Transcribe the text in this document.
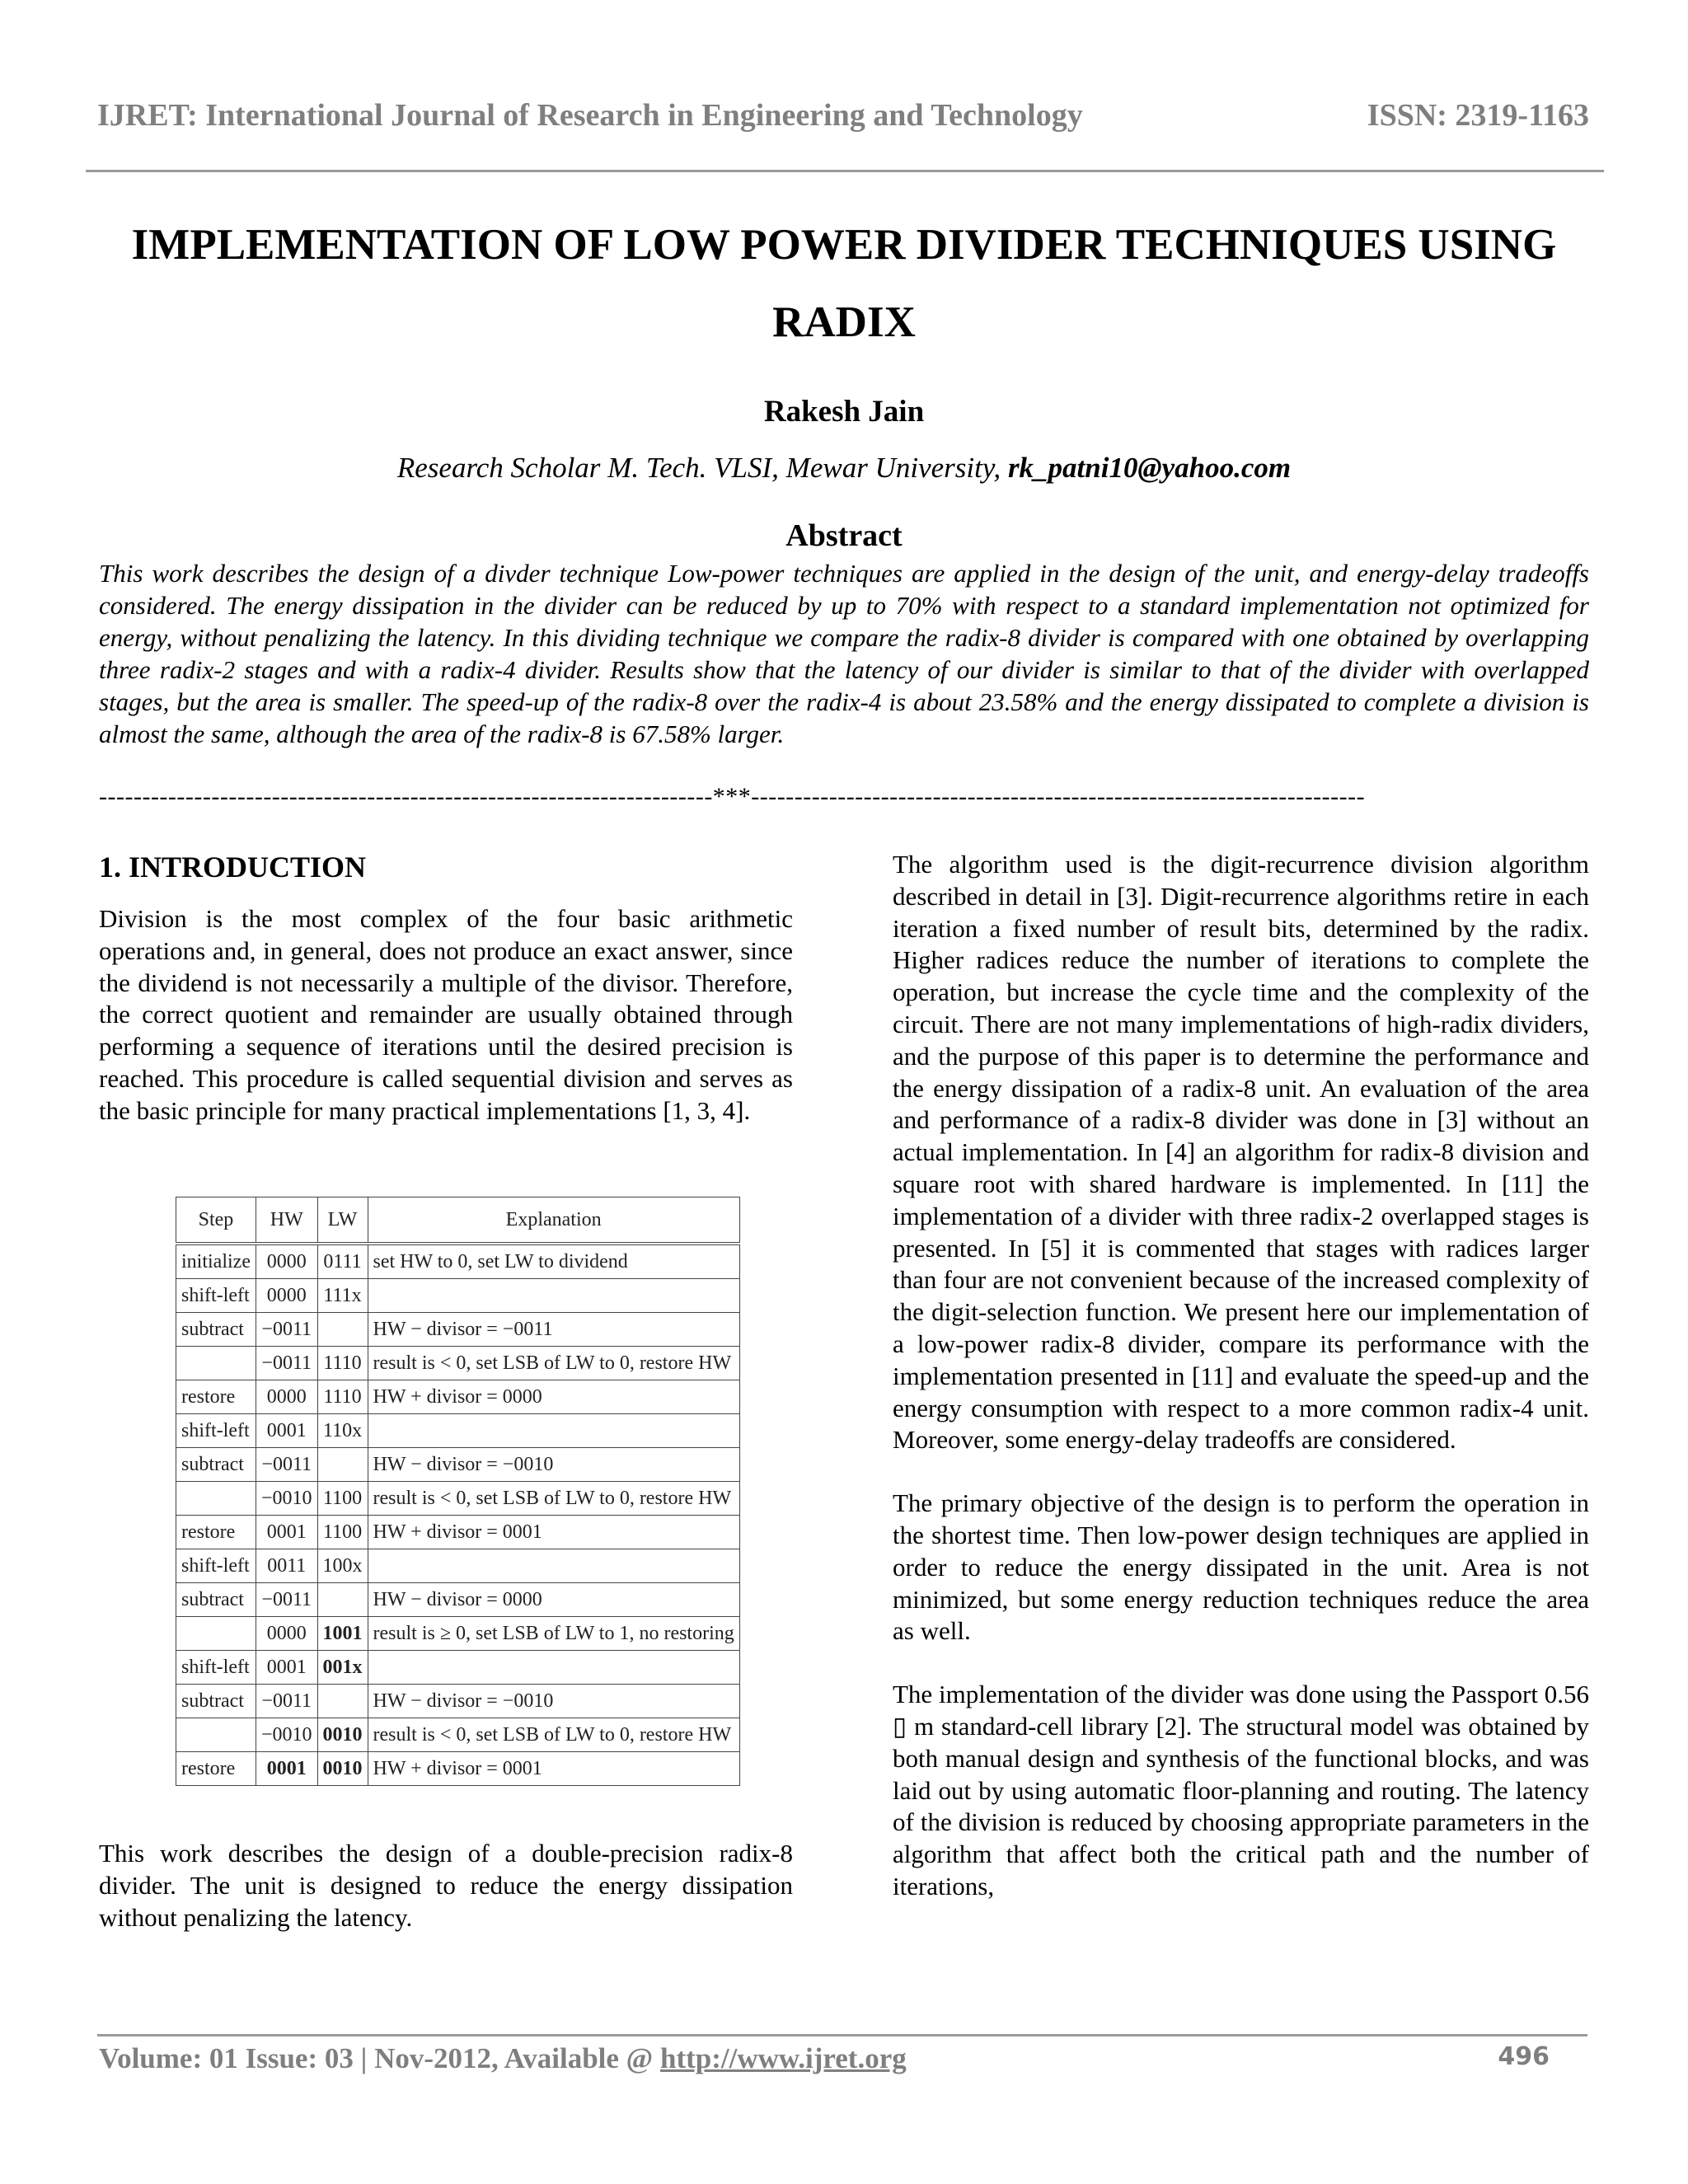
IJRET: International Journal of Research in Engineering and Technology	ISSN: 2319-1163
IMPLEMENTATION OF LOW POWER DIVIDER TECHNIQUES USING RADIX
Rakesh Jain
Research Scholar M. Tech. VLSI, Mewar University, rk_patni10@yahoo.com
Abstract
This work describes the design of a divder technique Low-power techniques are applied in the design of the unit, and energy-delay tradeoffs considered. The energy dissipation in the divider can be reduced by up to 70% with respect to a standard implementation not optimized for energy, without penalizing the latency. In this dividing technique we compare the radix-8 divider is compared with one obtained by overlapping three radix-2 stages and with a radix-4 divider. Results show that the latency of our divider is similar to that of the divider with overlapped stages, but the area is smaller. The speed-up of the radix-8 over the radix-4 is about 23.58% and the energy dissipated to complete a division is almost the same, although the area of the radix-8 is 67.58% larger.
-----------------------------------------------------------------------***-----------------------------------------------------------------------
1. INTRODUCTION

Division is the most complex of the four basic arithmetic operations and, in general, does not produce an exact answer, since the dividend is not necessarily a multiple of the divisor. Therefore, the correct quotient and remainder are usually obtained through performing a sequence of iterations until the desired precision is reached. This procedure is called sequential division and serves as the basic principle for many practical implementations [1, 3, 4].

This work describes the design of a double-precision radix-8 divider. The unit is designed to reduce the energy dissipation without penalizing the latency.

Step	HW	LW	Explanation
initialize	0000	0111	set HW to 0, set LW to dividend
shift-left	0000	111x	
subtract	−0011		HW − divisor = −0011
	−0011	1110	result is < 0, set LSB of LW to 0, restore HW
restore	0000	1110	HW + divisor = 0000
shift-left	0001	110x	
subtract	−0011		HW − divisor = −0010
	−0010	1100	result is < 0, set LSB of LW to 0, restore HW
restore	0001	1100	HW + divisor = 0001
shift-left	0011	100x	
subtract	−0011		HW − divisor = 0000
	0000	1001	result is ≥ 0, set LSB of LW to 1, no restoring
shift-left	0001	001x	
subtract	−0011		HW − divisor = −0010
	−0010	0010	result is < 0, set LSB of LW to 0, restore HW
restore	0001	0010	HW + divisor = 0001

The algorithm used is the digit-recurrence division algorithm described in detail in [3]. Digit-recurrence algorithms retire in each iteration a fixed number of result bits, determined by the radix. Higher radices reduce the number of iterations to complete the operation, but increase the cycle time and the complexity of the circuit. There are not many implementations of high-radix dividers, and the purpose of this paper is to determine the performance and the energy dissipation of a radix-8 unit. An evaluation of the area and performance of a radix-8 divider was done in [3] without an actual implementation. In [4] an algorithm for radix-8 division and square root with shared hardware is implemented. In [11] the implementation of a divider with three radix-2 overlapped stages is presented. In [5] it is commented that stages with radices larger than four are not convenient because of the increased complexity of the digit-selection function. We present here our implementation of a low-power radix-8 divider, compare its performance with the implementation presented in [11] and evaluate the speed-up and the energy consumption with respect to a more common radix-4 unit. Moreover, some energy-delay tradeoffs are considered.

The primary objective of the design is to perform the operation in the shortest time. Then low-power design techniques are applied in order to reduce the energy dissipated in the unit. Area is not minimized, but some energy reduction techniques reduce the area as well.

The implementation of the divider was done using the Passport 0.56 ▯ m standard-cell library [2]. The structural model was obtained by both manual design and synthesis of the functional blocks, and was laid out by using automatic floor-planning and routing. The latency of the division is reduced by choosing appropriate parameters in the algorithm that affect both the critical path and the number of iterations,

Volume: 01 Issue: 03 | Nov-2012, Available @ http://www.ijret.org	496
